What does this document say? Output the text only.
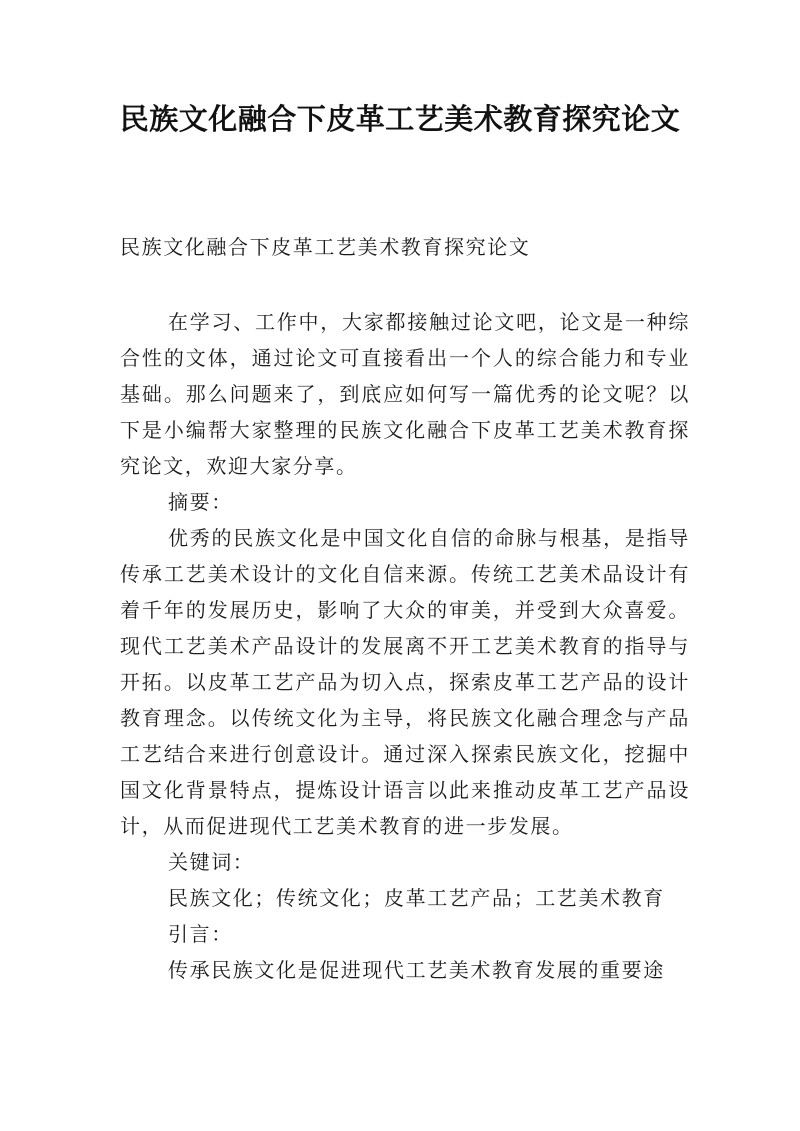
民族文化融合下皮革工艺美术教育探究论文
民族文化融合下皮革工艺美术教育探究论文

在学习、工作中，大家都接触过论文吧，论文是一种综合性的文体，通过论文可直接看出一个人的综合能力和专业基础。那么问题来了，到底应如何写一篇优秀的论文呢？以下是小编帮大家整理的民族文化融合下皮革工艺美术教育探究论文，欢迎大家分享。

摘要：

优秀的民族文化是中国文化自信的命脉与根基，是指导传承工艺美术设计的文化自信来源。传统工艺美术品设计有着千年的发展历史，影响了大众的审美，并受到大众喜爱。现代工艺美术产品设计的发展离不开工艺美术教育的指导与开拓。以皮革工艺产品为切入点，探索皮革工艺产品的设计教育理念。以传统文化为主导，将民族文化融合理念与产品工艺结合来进行创意设计。通过深入探索民族文化，挖掘中国文化背景特点，提炼设计语言以此来推动皮革工艺产品设计，从而促进现代工艺美术教育的进一步发展。

关键词：

民族文化；传统文化；皮革工艺产品；工艺美术教育

引言：

传承民族文化是促进现代工艺美术教育发展的重要途
